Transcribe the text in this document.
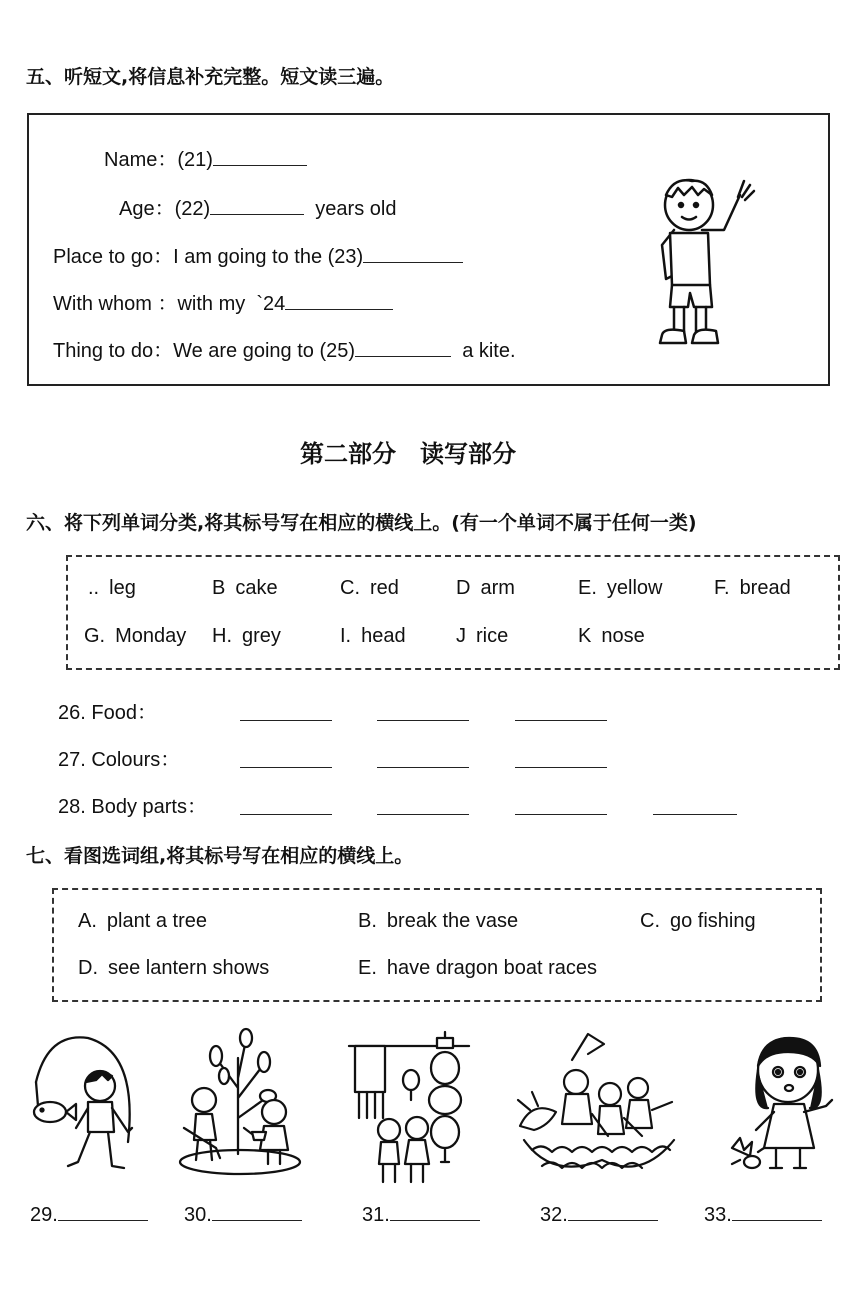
五、听短文,将信息补充完整。短文读三遍。
Name：(21)
Age：(22)	years old
Place to go：I am going to the (23)
With whom ：with my `24
Thing to do：We are going to (25)	a kite.
第二部分　读写部分
六、将下列单词分类,将其标号写在相应的横线上。(有一个单词不属于任何一类)
.. leg	B cake	C. red	D arm	E. yellow	F. bread
G. Monday H. grey	I. head	J rice	K nose
26. Food：
27. Colours：
28. Body parts：
七、看图选词组,将其标号写在相应的横线上。
A. plant a tree	B. break the vase	C. go fishing
D. see lantern shows	E. have dragon boat races
29.	30.	31.	32.	33.
